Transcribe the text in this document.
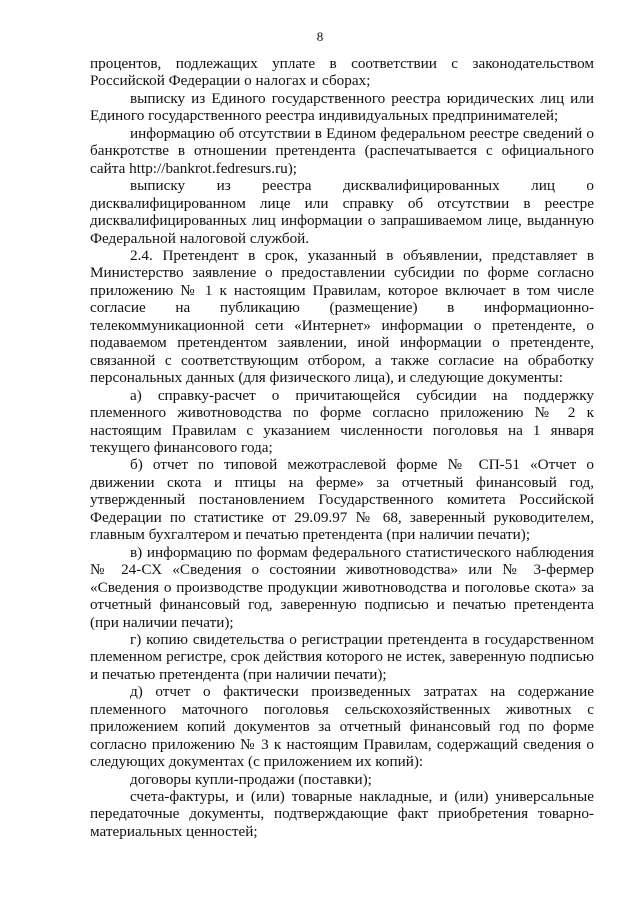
8

процентов, подлежащих уплате в соответствии с законодательством Российской Федерации о налогах и сборах;

выписку из Единого государственного реестра юридических лиц или Единого государственного реестра индивидуальных предпринимателей;

информацию об отсутствии в Едином федеральном реестре сведений о банкротстве в отношении претендента (распечатывается с официального сайта http://bankrot.fedresurs.ru);

выписку из реестра дисквалифицированных лиц о дисквалифицированном лице или справку об отсутствии в реестре дисквалифицированных лиц информации о запрашиваемом лице, выданную Федеральной налоговой службой.

2.4. Претендент в срок, указанный в объявлении, представляет в Министерство заявление о предоставлении субсидии по форме согласно приложению № 1 к настоящим Правилам, которое включает в том числе согласие на публикацию (размещение) в информационно-телекоммуникационной сети «Интернет» информации о претенденте, о подаваемом претендентом заявлении, иной информации о претенденте, связанной с соответствующим отбором, а также согласие на обработку персональных данных (для физического лица), и следующие документы:

а) справку-расчет о причитающейся субсидии на поддержку племенного животноводства по форме согласно приложению № 2 к настоящим Правилам с указанием численности поголовья на 1 января текущего финансового года;

б) отчет по типовой межотраслевой форме № СП-51 «Отчет о движении скота и птицы на ферме» за отчетный финансовый год, утвержденный постановлением Государственного комитета Российской Федерации по статистике от 29.09.97 № 68, заверенный руководителем, главным бухгалтером и печатью претендента (при наличии печати);

в) информацию по формам федерального статистического наблюдения № 24-СХ «Сведения о состоянии животноводства» или № 3-фермер «Сведения о производстве продукции животноводства и поголовье скота» за отчетный финансовый год, заверенную подписью и печатью претендента (при наличии печати);

г) копию свидетельства о регистрации претендента в государственном племенном регистре, срок действия которого не истек, заверенную подписью и печатью претендента (при наличии печати);

д) отчет о фактически произведенных затратах на содержание племенного маточного поголовья сельскохозяйственных животных с приложением копий документов за отчетный финансовый год по форме согласно приложению № 3 к настоящим Правилам, содержащий сведения о следующих документах (с приложением их копий):

договоры купли-продажи (поставки);

счета-фактуры, и (или) товарные накладные, и (или) универсальные передаточные документы, подтверждающие факт приобретения товарно-материальных ценностей;
